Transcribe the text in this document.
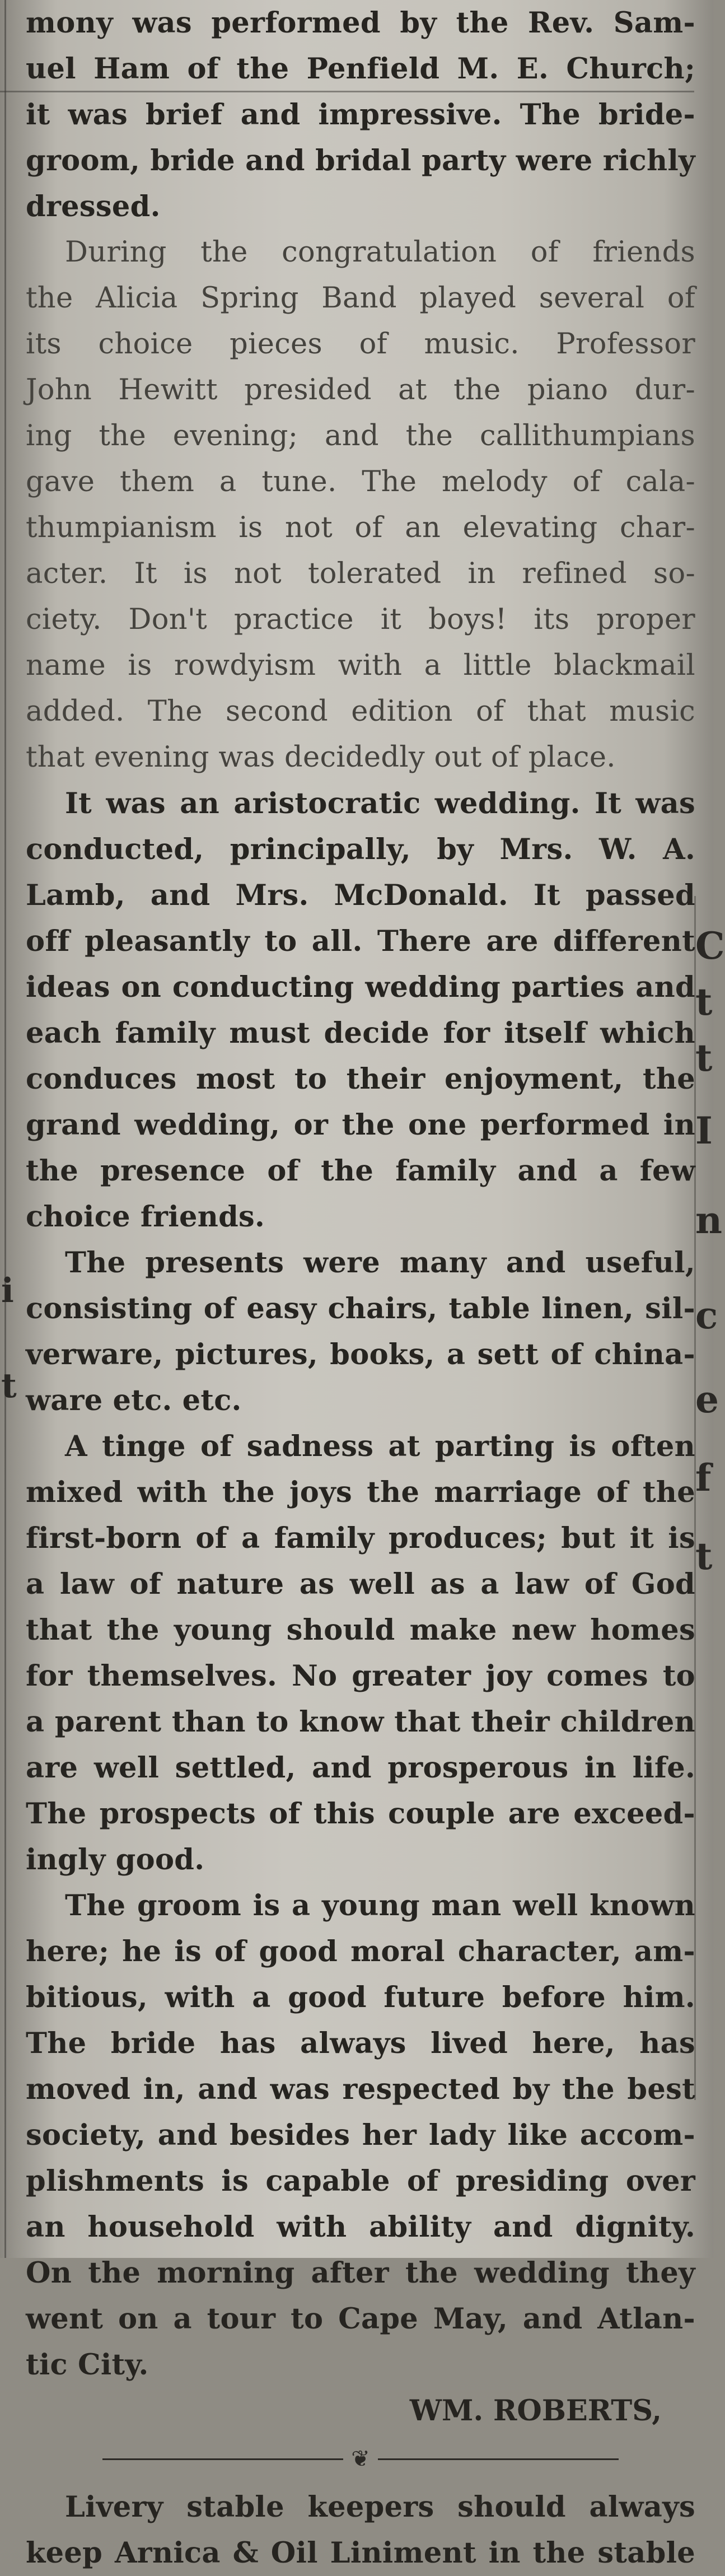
i
t
C
t
t
I
n
c
e
f
t
mony was performed by the Rev. Sam-
uel Ham of the Penfield M. E. Church;
it was brief and impressive. The bride-
groom, bride and bridal party were richly
dressed.
During the congratulation of friends
the Alicia Spring Band played several of
its choice pieces of music. Professor
John Hewitt presided at the piano dur-
ing the evening; and the callithumpians
gave them a tune. The melody of cala-
thumpianism is not of an elevating char-
acter. It is not tolerated in refined so-
ciety. Don't practice it boys! its proper
name is rowdyism with a little blackmail
added. The second edition of that music
that evening was decidedly out of place.
It was an aristocratic wedding. It was
conducted, principally, by Mrs. W. A.
Lamb, and Mrs. McDonald. It passed
off pleasantly to all. There are different
ideas on conducting wedding parties and
each family must decide for itself which
conduces most to their enjoyment, the
grand wedding, or the one performed in
the presence of the family and a few
choice friends.
The presents were many and useful,
consisting of easy chairs, table linen, sil-
verware, pictures, books, a sett of china-
ware etc. etc.
A tinge of sadness at parting is often
mixed with the joys the marriage of the
first-born of a family produces; but it is
a law of nature as well as a law of God
that the young should make new homes
for themselves. No greater joy comes to
a parent than to know that their children
are well settled, and prosperous in life.
The prospects of this couple are exceed-
ingly good.
The groom is a young man well known
here; he is of good moral character, am-
bitious, with a good future before him.
The bride has always lived here, has
moved in, and was respected by the best
society, and besides her lady like accom-
plishments is capable of presiding over
an household with ability and dignity.
On the morning after the wedding they
went on a tour to Cape May, and Atlan-
tic City.
WM. ROBERTS,
❦
Livery stable keepers should always
keep Arnica & Oil Liniment in the stable
